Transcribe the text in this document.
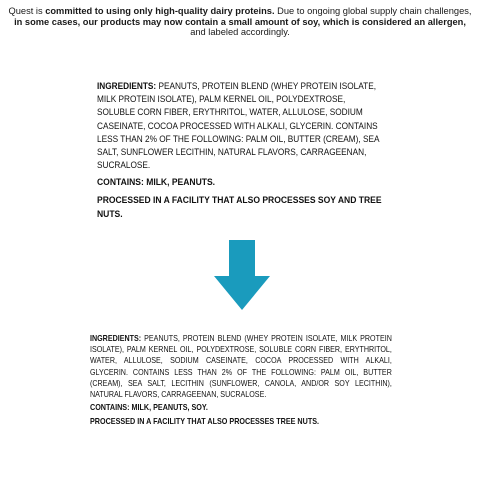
Quest is committed to using only high-quality dairy proteins. Due to ongoing global supply chain challenges, in some cases, our products may now contain a small amount of soy, which is considered an allergen, and labeled accordingly.
INGREDIENTS: PEANUTS, PROTEIN BLEND (WHEY PROTEIN ISOLATE, MILK PROTEIN ISOLATE), PALM KERNEL OIL, POLYDEXTROSE, SOLUBLE CORN FIBER, ERYTHRITOL, WATER, ALLULOSE, SODIUM CASEINATE, COCOA PROCESSED WITH ALKALI, GLYCERIN. CONTAINS LESS THAN 2% OF THE FOLLOWING: PALM OIL, BUTTER (CREAM), SEA SALT, SUNFLOWER LECITHIN, NATURAL FLAVORS, CARRAGEENAN, SUCRALOSE.
CONTAINS: MILK, PEANUTS.
PROCESSED IN A FACILITY THAT ALSO PROCESSES SOY AND TREE NUTS.
INGREDIENTS: PEANUTS, PROTEIN BLEND (WHEY PROTEIN ISOLATE, MILK PROTEIN ISOLATE), PALM KERNEL OIL, POLYDEXTROSE, SOLUBLE CORN FIBER, ERYTHRITOL, WATER, ALLULOSE, SODIUM CASEINATE, COCOA PROCESSED WITH ALKALI, GLYCERIN. CONTAINS LESS THAN 2% OF THE FOLLOWING: PALM OIL, BUTTER (CREAM), SEA SALT, LECITHIN (SUNFLOWER, CANOLA, AND/OR SOY LECITHIN), NATURAL FLAVORS, CARRAGEENAN, SUCRALOSE.
CONTAINS: MILK, PEANUTS, SOY.
PROCESSED IN A FACILITY THAT ALSO PROCESSES TREE NUTS.
